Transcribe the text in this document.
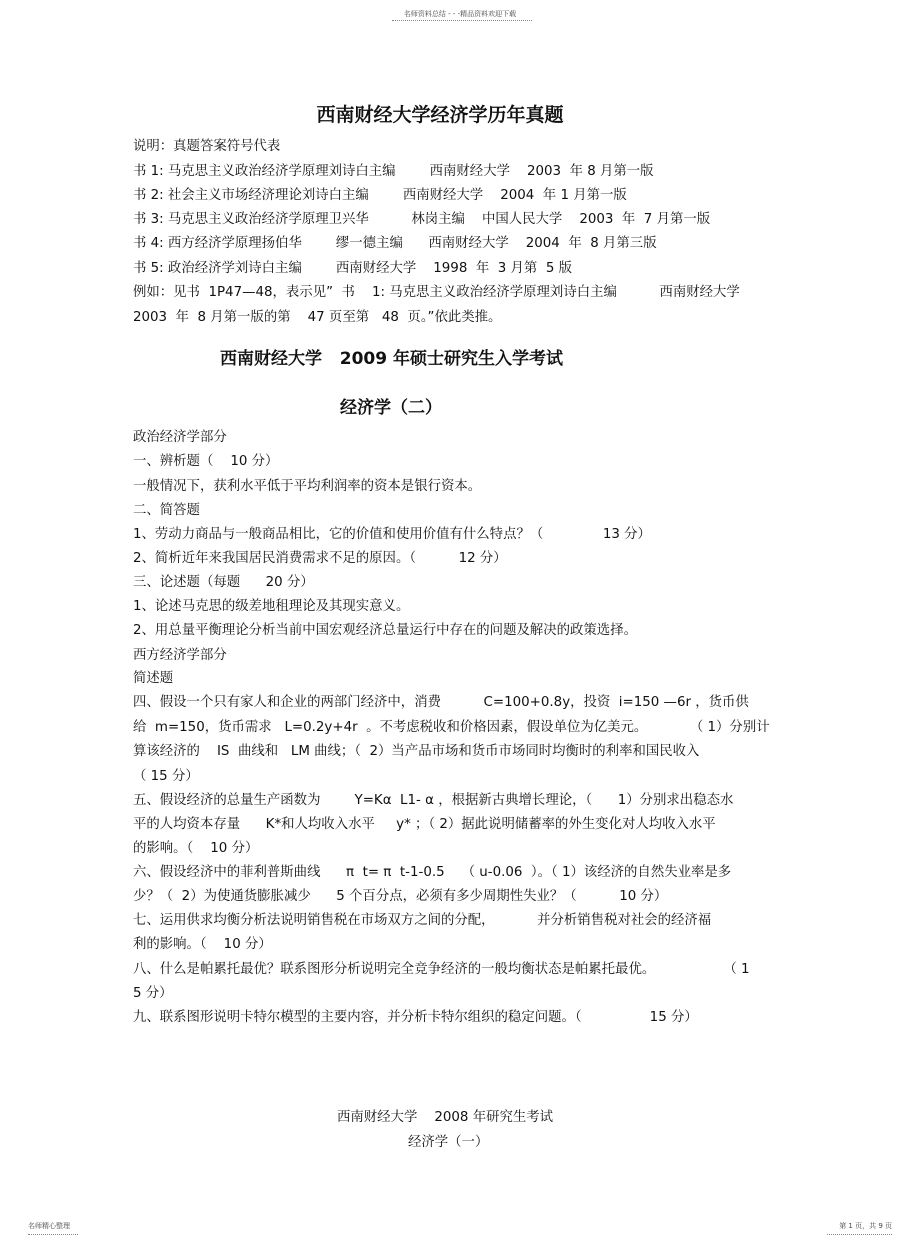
名师资料总结 - - -精品资料欢迎下载
西南财经大学经济学历年真题
说明：真题答案符号代表
书 1: 马克思主义政治经济学原理刘诗白主编        西南财经大学    2003  年 8 月第一版
书 2: 社会主义市场经济理论刘诗白主编        西南财经大学    2004  年 1 月第一版
书 3: 马克思主义政治经济学原理卫兴华          林岗主编    中国人民大学    2003  年  7 月第一版
书 4: 西方经济学原理扬伯华        缪一德主编      西南财经大学    2004  年  8 月第三版
书 5: 政治经济学刘诗白主编        西南财经大学    1998  年  3 月第  5 版
例如：见书  1P47—48，表示见”  书    1: 马克思主义政治经济学原理刘诗白主编          西南财经大学
2003  年  8 月第一版的第    47 页至第   48  页。”依此类推。
西南财经大学   2009 年硕士研究生入学考试
经济学（二）
政治经济学部分
一、辨析题（    10 分）
一般情况下，获利水平低于平均利润率的资本是银行资本。
二、简答题
1、劳动力商品与一般商品相比，它的价值和使用价值有什么特点？（              13 分）
2、简析近年来我国居民消费需求不足的原因。（          12 分）
三、论述题（每题      20 分）
1、论述马克思的级差地租理论及其现实意义。
2、用总量平衡理论分析当前中国宏观经济总量运行中存在的问题及解决的政策选择。
西方经济学部分
简述题
四、假设一个只有家人和企业的两部门经济中，消费          C=100+0.8y，投资  i=150 —6r ，货币供
给  m=150，货币需求   L=0.2y+4r  。不考虑税收和价格因素，假设单位为亿美元。          （ 1）分别计
算该经济的    IS  曲线和   LM 曲线；（  2）当产品市场和货币市场同时均衡时的利率和国民收入
（ 15 分）
五、假设经济的总量生产函数为        Y=Kα  L1- α ，根据新古典增长理论，（      1）分别求出稳态水
平的人均资本存量      K*和人均收入水平     y* ；（ 2）据此说明储蓄率的外生变化对人均收入水平
的影响。（    10 分）
六、假设经济中的菲利普斯曲线      π  t= π  t-1-0.5    （ u-0.06  ）。（ 1）该经济的自然失业率是多
少？（  2）为使通货膨胀减少      5 个百分点，必须有多少周期性失业？（          10 分）
七、运用供求均衡分析法说明销售税在市场双方之间的分配，          并分析销售税对社会的经济福
利的影响。（    10 分）
八、什么是帕累托最优？联系图形分析说明完全竞争经济的一般均衡状态是帕累托最优。                （ 1
5 分）
九、联系图形说明卡特尔模型的主要内容，并分析卡特尔组织的稳定问题。（                15 分）
西南财经大学    2008 年研究生考试
经济学（一）
名师精心整理	第 1 页，共 9 页
